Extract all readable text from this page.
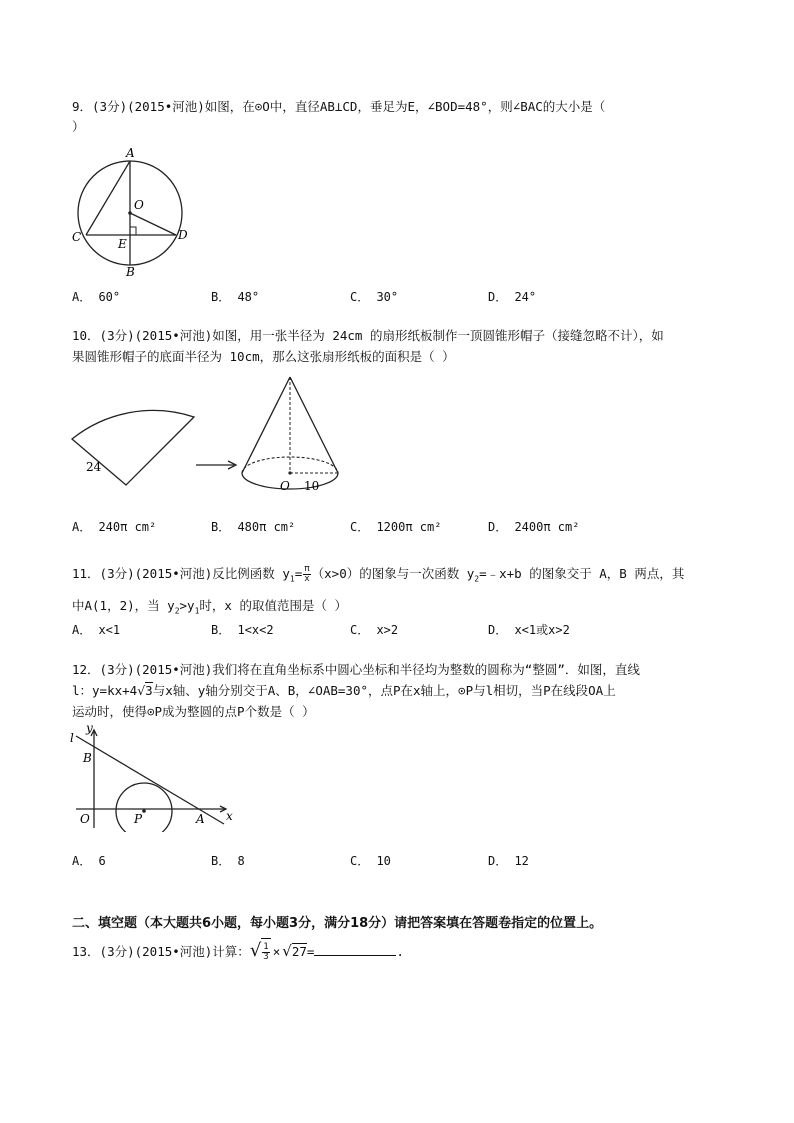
9．(3分)(2015•河池)如图，在⊙O中，直径AB⊥CD，垂足为E，∠BOD=48°，则∠BAC的大小是（
）
A
O
C	D
E
B
A． 60°	B． 48°	C． 30°	D． 24°
10．(3分)(2015•河池)如图，用一张半径为 24cm 的扇形纸板制作一顶圆锥形帽子（接缝忽略不计），如
果圆锥形帽子的底面半径为 10cm，那么这张扇形纸板的面积是（ ）
24
O 10
A． 240π cm²	B． 480π cm²	C． 1200π cm²	D． 2400π cm²
11．(3分)(2015•河池)反比例函数 $y_1= \frac{\pi}{x} (x>0)$的图象与一次函数 $y_2=﹣x+b$ 的图象交于 A，B 两点，其
中A(1，2)，当 $y_2>y_1$时，x 的取值范围是（ ）
A． x<1	B． 1<x<2	C． x>2	D． x<1或x>2
12．(3分)(2015•河池)我们将在直角坐标系中圆心坐标和半径均为整数的圆称为“整圆”．如图，直线
l：y=kx+4√3与x轴、y轴分别交于A、B，∠OAB=30°，点P在x轴上，⊙P与l相切，当P在线段OA上
运动时，使得⊙P成为整圆的点P个数是（ ）
l
y
B
O	P	A x
A． 6	B． 8	C． 10	D． 12
二、填空题（本大题共6小题，每小题3分，满分18分）请把答案填在答题卷指定的位置上。
13．(3分)(2015•河池)计算：√ $\frac{1}{3} \times √27=$	.
